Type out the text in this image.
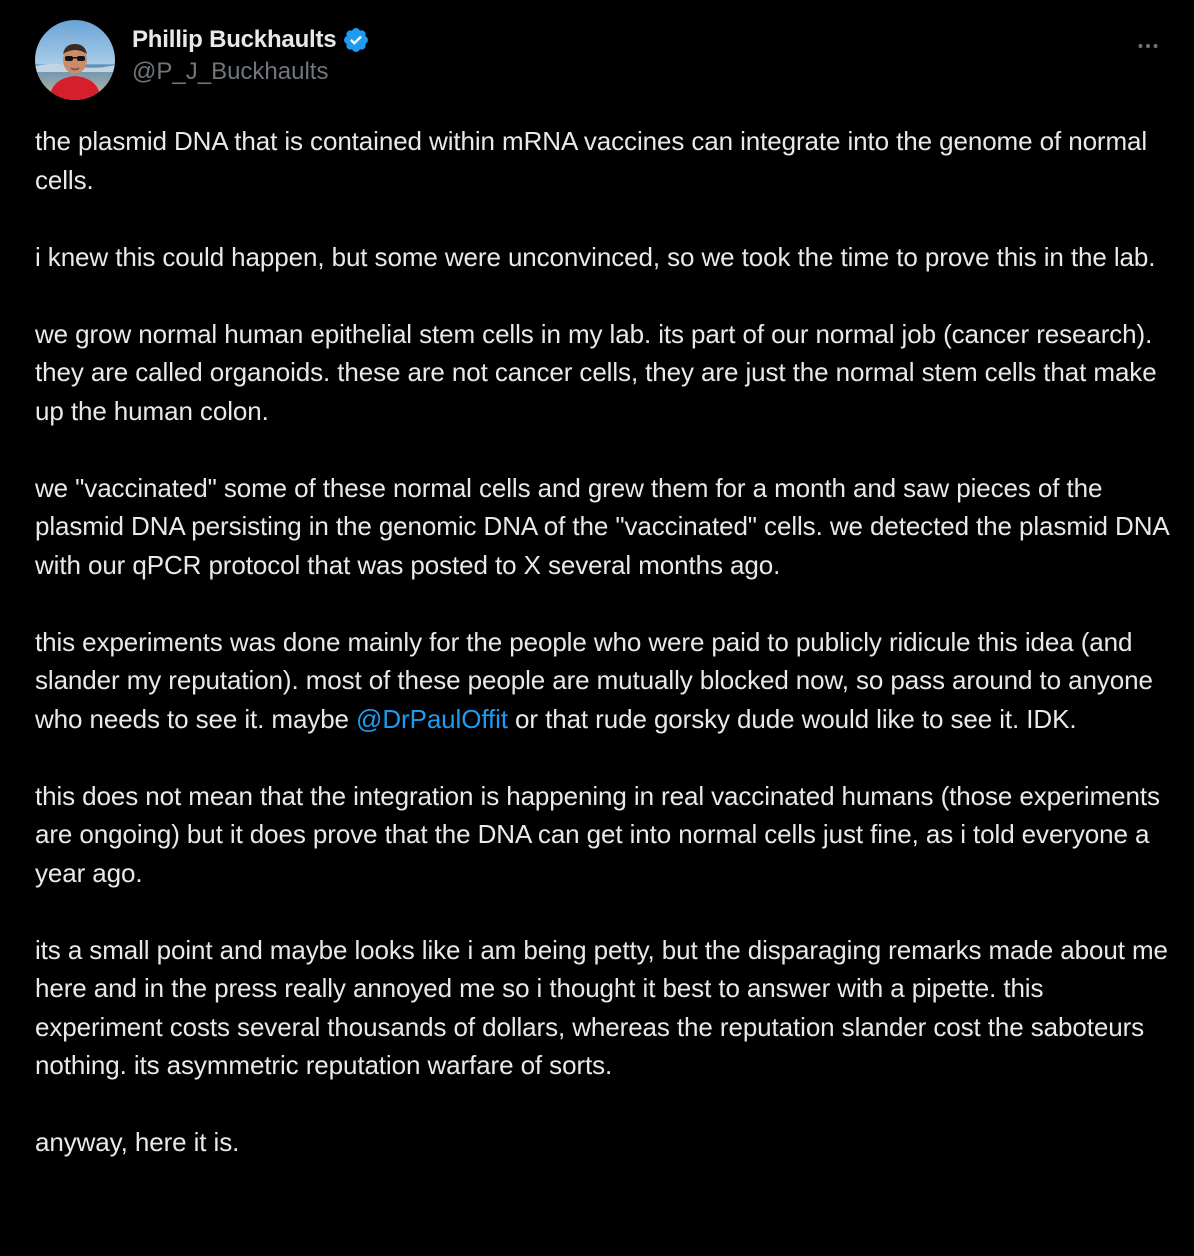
Phillip Buckhaults
@P_J_Buckhaults

the plasmid DNA that is contained within mRNA vaccines can integrate into the genome of normal cells.

i knew this could happen, but some were unconvinced, so we took the time to prove this in the lab.

we grow normal human epithelial stem cells in my lab. its part of our normal job (cancer research). they are called organoids. these are not cancer cells, they are just the normal stem cells that make up the human colon.

we "vaccinated" some of these normal cells and grew them for a month and saw pieces of the plasmid DNA persisting in the genomic DNA of the "vaccinated" cells. we detected the plasmid DNA with our qPCR protocol that was posted to X several months ago.

this experiments was done mainly for the people who were paid to publicly ridicule this idea (and slander my reputation). most of these people are mutually blocked now, so pass around to anyone who needs to see it. maybe @DrPaulOffit or that rude gorsky dude would like to see it. IDK.

this does not mean that the integration is happening in real vaccinated humans (those experiments are ongoing) but it does prove that the DNA can get into normal cells just fine, as i told everyone a year ago.

its a small point and maybe looks like i am being petty, but the disparaging remarks made about me here and in the press really annoyed me so i thought it best to answer with a pipette. this experiment costs several thousands of dollars, whereas the reputation slander cost the saboteurs nothing. its asymmetric reputation warfare of sorts.

anyway, here it is.
